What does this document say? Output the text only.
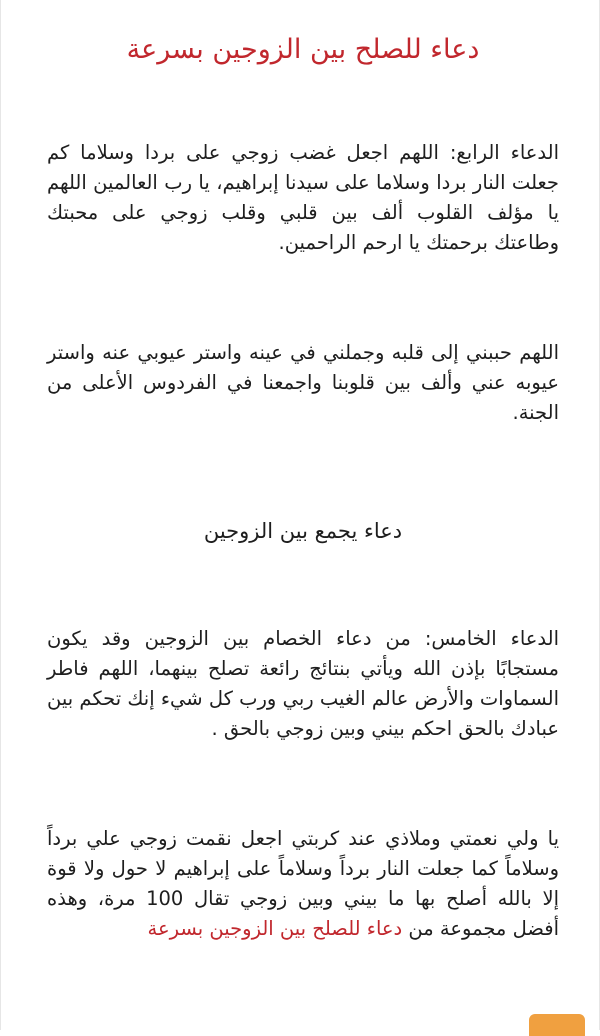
دعاء للصلح بين الزوجين بسرعة

الدعاء الرابع: اللهم اجعل غضب زوجي على بردا وسلاما كم جعلت النار بردا وسلاما على سيدنا إبراهيم، يا رب العالمين اللهم يا مؤلف القلوب ألف بين قلبي وقلب زوجي على محبتك وطاعتك برحمتك يا ارحم الراحمين.

اللهم حببني إلى قلبه وجملني في عينه واستر عيوبي عنه واستر عيوبه عني وألف بين قلوبنا واجمعنا في الفردوس الأعلى من الجنة.

دعاء يجمع بين الزوجين

الدعاء الخامس: من دعاء الخصام بين الزوجين وقد يكون مستجابًا بإذن الله ويأتي بنتائج رائعة تصلح بينهما، اللهم فاطر السماوات والأرض عالم الغيب ربي ورب كل شيء إنك تحكم بين عبادك بالحق احكم بيني وبين زوجي بالحق .

يا ولي نعمتي وملاذي عند كربتي اجعل نقمت زوجي علي برداً وسلاماً كما جعلت النار برداً وسلاماً على إبراهيم لا حول ولا قوة إلا بالله أصلح بها ما بيني وبين زوجي تقال 100 مرة، وهذه أفضل مجموعة من دعاء للصلح بين الزوجين بسرعة
